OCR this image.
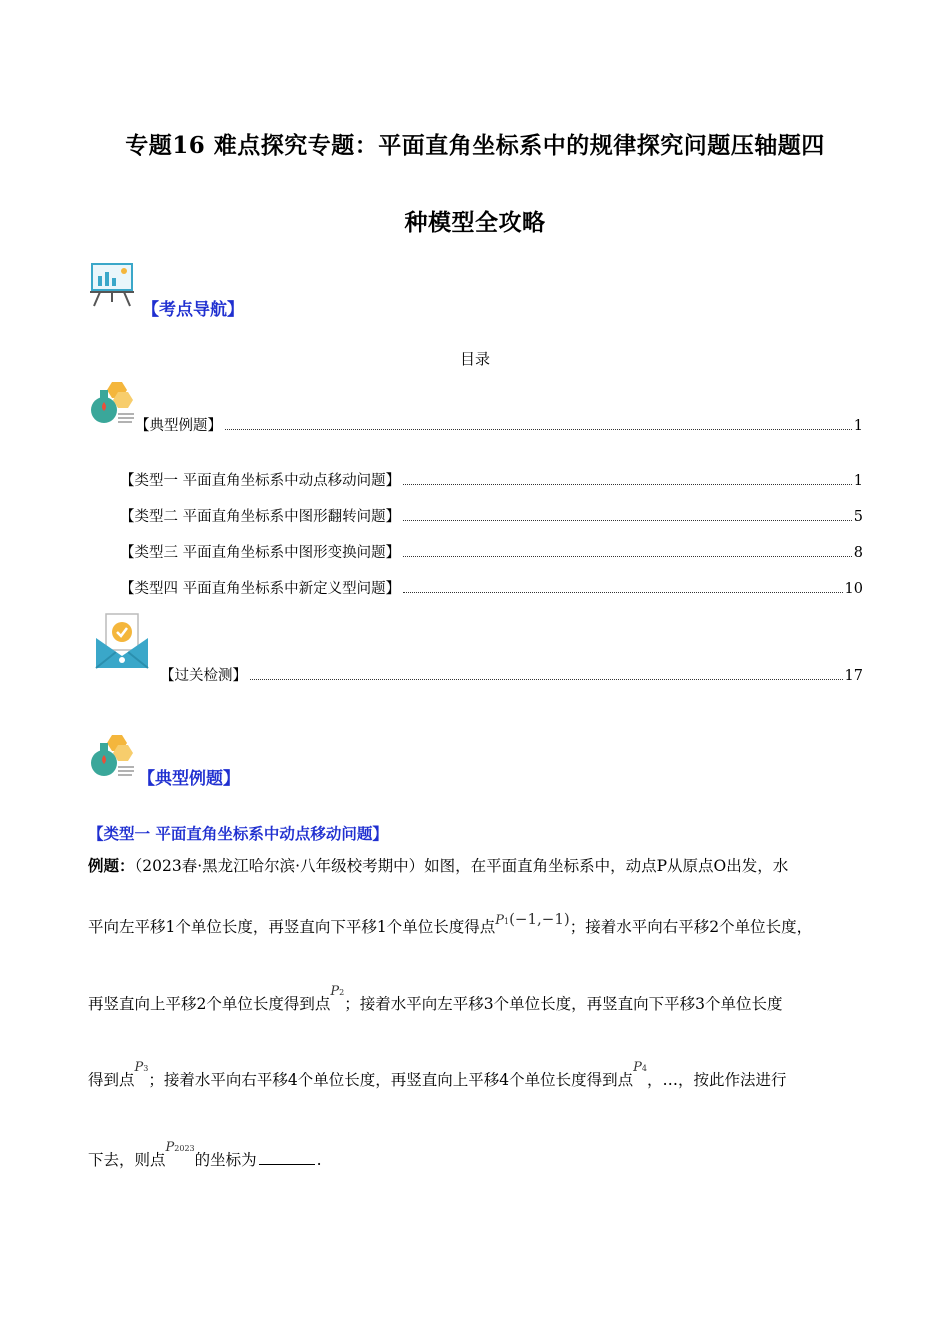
专题16 难点探究专题：平面直角坐标系中的规律探究问题压轴题四
种模型全攻略
【考点导航】
目录
【典型例题】	1
【类型一 平面直角坐标系中动点移动问题】	1
【类型二 平面直角坐标系中图形翻转问题】	5
【类型三 平面直角坐标系中图形变换问题】	8
【类型四 平面直角坐标系中新定义型问题】	10
【过关检测】	17
【典型例题】
【类型一 平面直角坐标系中动点移动问题】
例题：（2023春·黑龙江哈尔滨·八年级校考期中）如图，在平面直角坐标系中，动点P从原点O出发，水
平向左平移1个单位长度，再竖直向下平移1个单位长度得点$^{P1(-1,-1)}$；接着水平向右平移2个单位长度，
再竖直向上平移2个单位长度得到点$^{P2}$；接着水平向左平移3个单位长度，再竖直向下平移3个单位长度
得到点$^{P3}$；接着水平向右平移4个单位长度，再竖直向上平移4个单位长度得到点$^{P4}$，…，按此作法进行
下去，则点$^{P2023}$的坐标为	.
